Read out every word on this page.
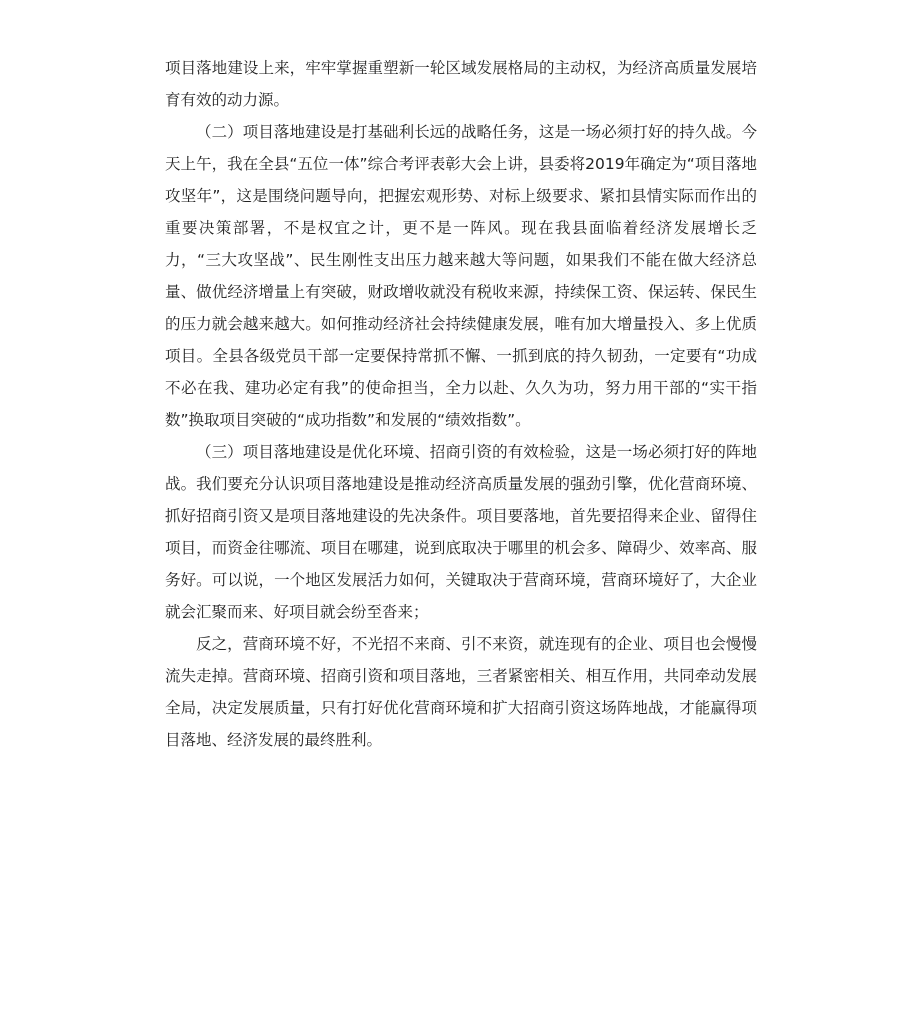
项目落地建设上来，牢牢掌握重塑新一轮区域发展格局的主动权，为经济高质量发展培育有效的动力源。

（二）项目落地建设是打基础利长远的战略任务，这是一场必须打好的持久战。今天上午，我在全县“五位一体”综合考评表彰大会上讲，县委将2019年确定为“项目落地攻坚年”，这是围绕问题导向，把握宏观形势、对标上级要求、紧扣县情实际而作出的重要决策部署，不是权宜之计，更不是一阵风。现在我县面临着经济发展增长乏力，“三大攻坚战”、民生刚性支出压力越来越大等问题，如果我们不能在做大经济总量、做优经济增量上有突破，财政增收就没有税收来源，持续保工资、保运转、保民生的压力就会越来越大。如何推动经济社会持续健康发展，唯有加大增量投入、多上优质项目。全县各级党员干部一定要保持常抓不懈、一抓到底的持久韧劲，一定要有“功成不必在我、建功必定有我”的使命担当，全力以赴、久久为功，努力用干部的“实干指数”换取项目突破的“成功指数”和发展的“绩效指数”。

（三）项目落地建设是优化环境、招商引资的有效检验，这是一场必须打好的阵地战。我们要充分认识项目落地建设是推动经济高质量发展的强劲引擎，优化营商环境、抓好招商引资又是项目落地建设的先决条件。项目要落地，首先要招得来企业、留得住项目，而资金往哪流、项目在哪建，说到底取决于哪里的机会多、障碍少、效率高、服务好。可以说，一个地区发展活力如何，关键取决于营商环境，营商环境好了，大企业就会汇聚而来、好项目就会纷至沓来；

反之，营商环境不好，不光招不来商、引不来资，就连现有的企业、项目也会慢慢流失走掉。营商环境、招商引资和项目落地，三者紧密相关、相互作用，共同牵动发展全局，决定发展质量，只有打好优化营商环境和扩大招商引资这场阵地战，才能赢得项目落地、经济发展的最终胜利。
